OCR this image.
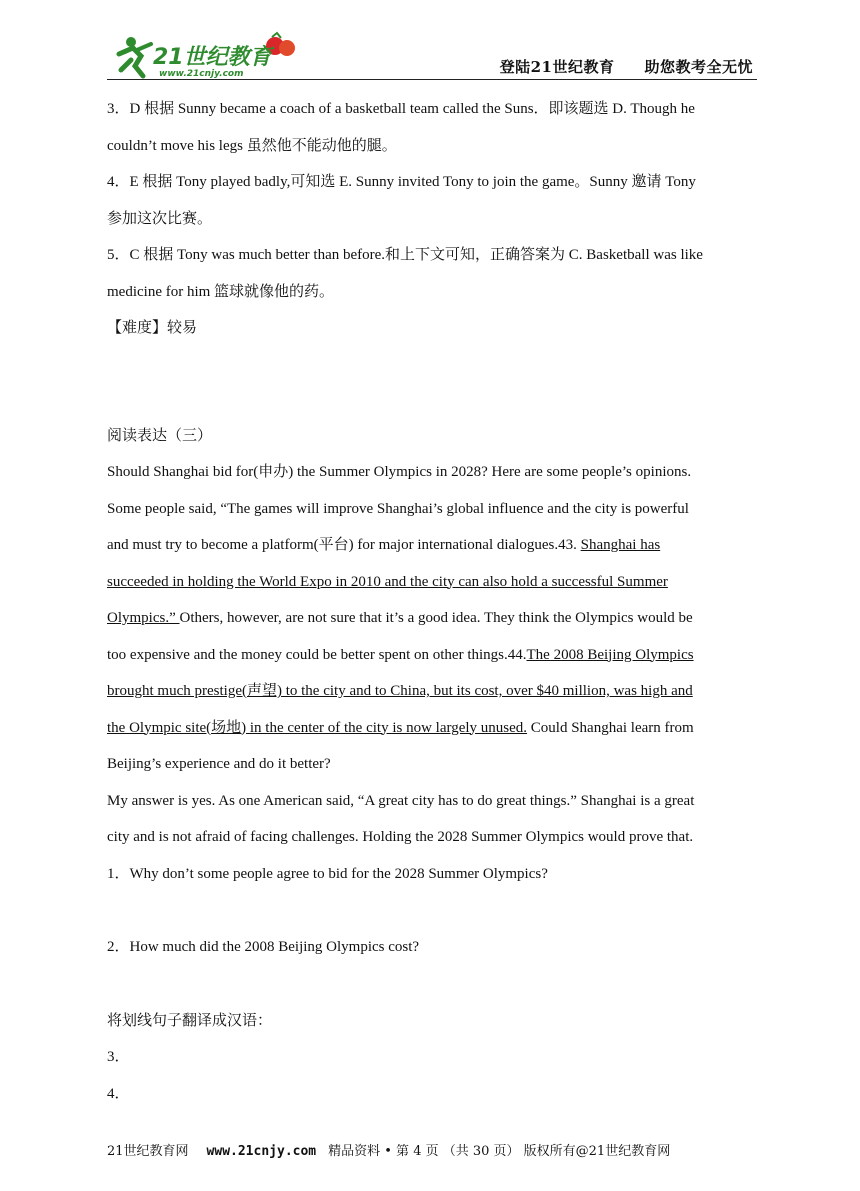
21世纪教育
www.21cnjy.com	登陆21世纪教育 助您教考全无忧
3．D 根据 Sunny became a coach of a basketball team called the Suns．即该题选 D. Though he
couldn’t move his legs 虽然他不能动他的腿。
4．E 根据 Tony played badly,可知选 E. Sunny invited Tony to join the game。Sunny 邀请 Tony
参加这次比赛。
5．C 根据 Tony was much better than before.和上下文可知，正确答案为 C. Basketball was like
medicine for him 篮球就像他的药。
【难度】较易
阅读表达（三）
Should Shanghai bid for(申办) the Summer Olympics in 2028? Here are some people’s opinions.
Some people said, “The games will improve Shanghai’s global influence and the city is powerful
and must try to become a platform(平台) for major international dialogues.43. Shanghai has
succeeded in holding the World Expo in 2010 and the city can also hold a successful Summer
Olympics.” Others, however, are not sure that it’s a good idea. They think the Olympics would be
too expensive and the money could be better spent on other things.44.The 2008 Beijing Olympics
brought much prestige(声望) to the city and to China, but its cost, over $40 million, was high and
the Olympic site(场地) in the center of the city is now largely unused. Could Shanghai learn from
Beijing’s experience and do it better?
My answer is yes. As one American said, “A great city has to do great things.” Shanghai is a great
city and is not afraid of facing challenges. Holding the 2028 Summer Olympics would prove that.
1．Why don’t some people agree to bid for the 2028 Summer Olympics?
2．How much did the 2008 Beijing Olympics cost?
将划线句子翻译成汉语：
3．
4．
21世纪教育网 www.21cnjy.com 精品资料 • 第 4 页 （共 30 页） 版权所有@21世纪教育网
